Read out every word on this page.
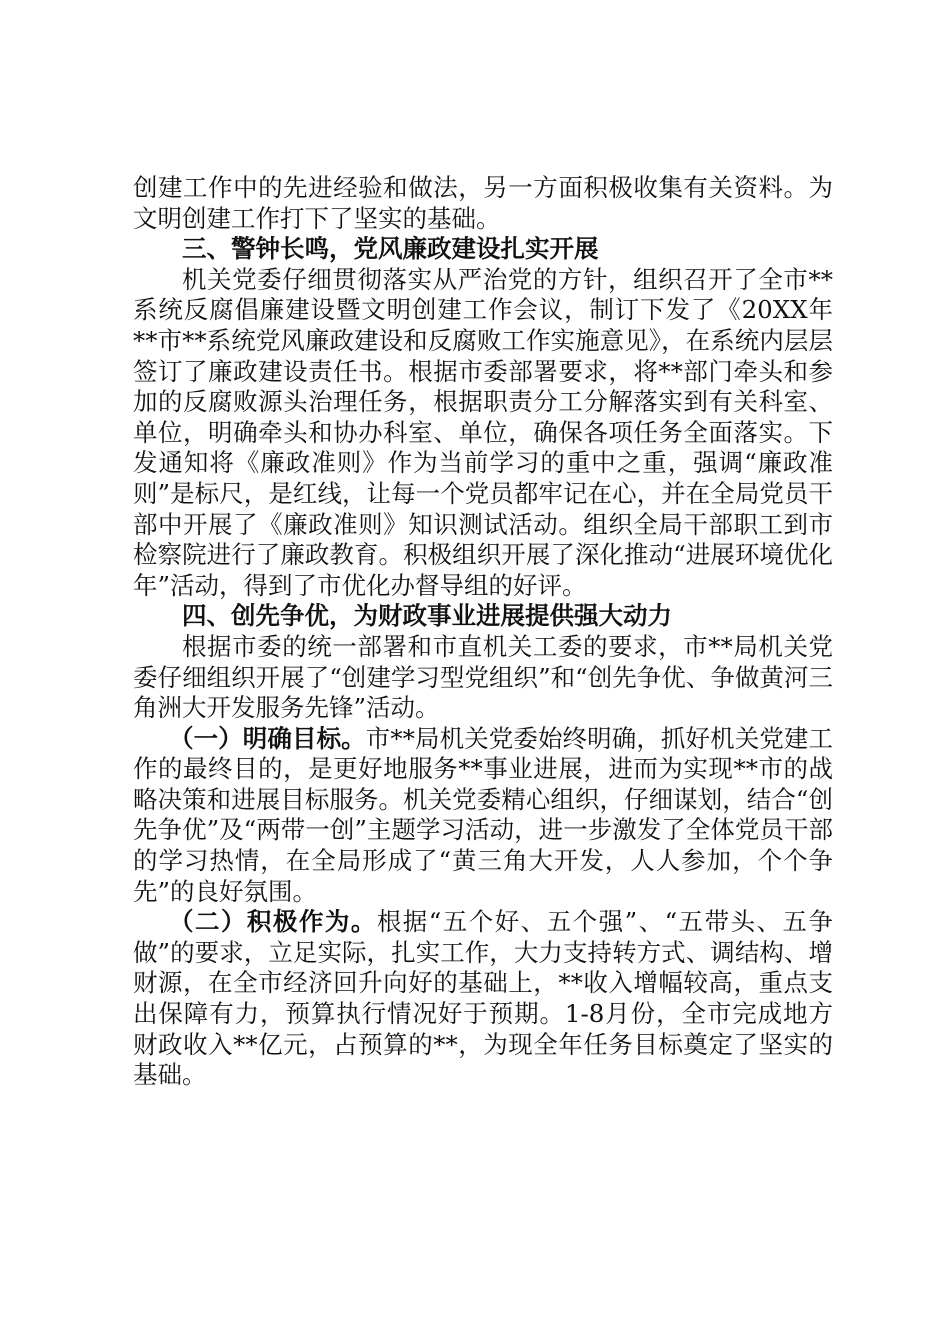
创建工作中的先进经验和做法，另一方面积极收集有关资料。为文明创建工作打下了坚实的基础。

三、警钟长鸣，党风廉政建设扎实开展

机关党委仔细贯彻落实从严治党的方针，组织召开了全市**系统反腐倡廉建设暨文明创建工作会议，制订下发了《20XX年**市**系统党风廉政建设和反腐败工作实施意见》，在系统内层层签订了廉政建设责任书。根据市委部署要求，将**部门牵头和参加的反腐败源头治理任务，根据职责分工分解落实到有关科室、单位，明确牵头和协办科室、单位，确保各项任务全面落实。下发通知将《廉政准则》作为当前学习的重中之重，强调“廉政准则”是标尺，是红线，让每一个党员都牢记在心，并在全局党员干部中开展了《廉政准则》知识测试活动。组织全局干部职工到市检察院进行了廉政教育。积极组织开展了深化推动“进展环境优化年”活动，得到了市优化办督导组的好评。

四、创先争优，为财政事业进展提供强大动力

根据市委的统一部署和市直机关工委的要求，市**局机关党委仔细组织开展了“创建学习型党组织”和“创先争优、争做黄河三角洲大开发服务先锋”活动。

（一）明确目标。市**局机关党委始终明确，抓好机关党建工作的最终目的，是更好地服务**事业进展，进而为实现**市的战略决策和进展目标服务。机关党委精心组织，仔细谋划，结合“创先争优”及“两带一创”主题学习活动，进一步激发了全体党员干部的学习热情，在全局形成了“黄三角大开发，人人参加，个个争先”的良好氛围。

（二）积极作为。根据“五个好、五个强”、“五带头、五争做”的要求，立足实际，扎实工作，大力支持转方式、调结构、增财源，在全市经济回升向好的基础上，**收入增幅较高，重点支出保障有力，预算执行情况好于预期。1-8月份，全市完成地方财政收入**亿元，占预算的**，为现全年任务目标奠定了坚实的基础。
